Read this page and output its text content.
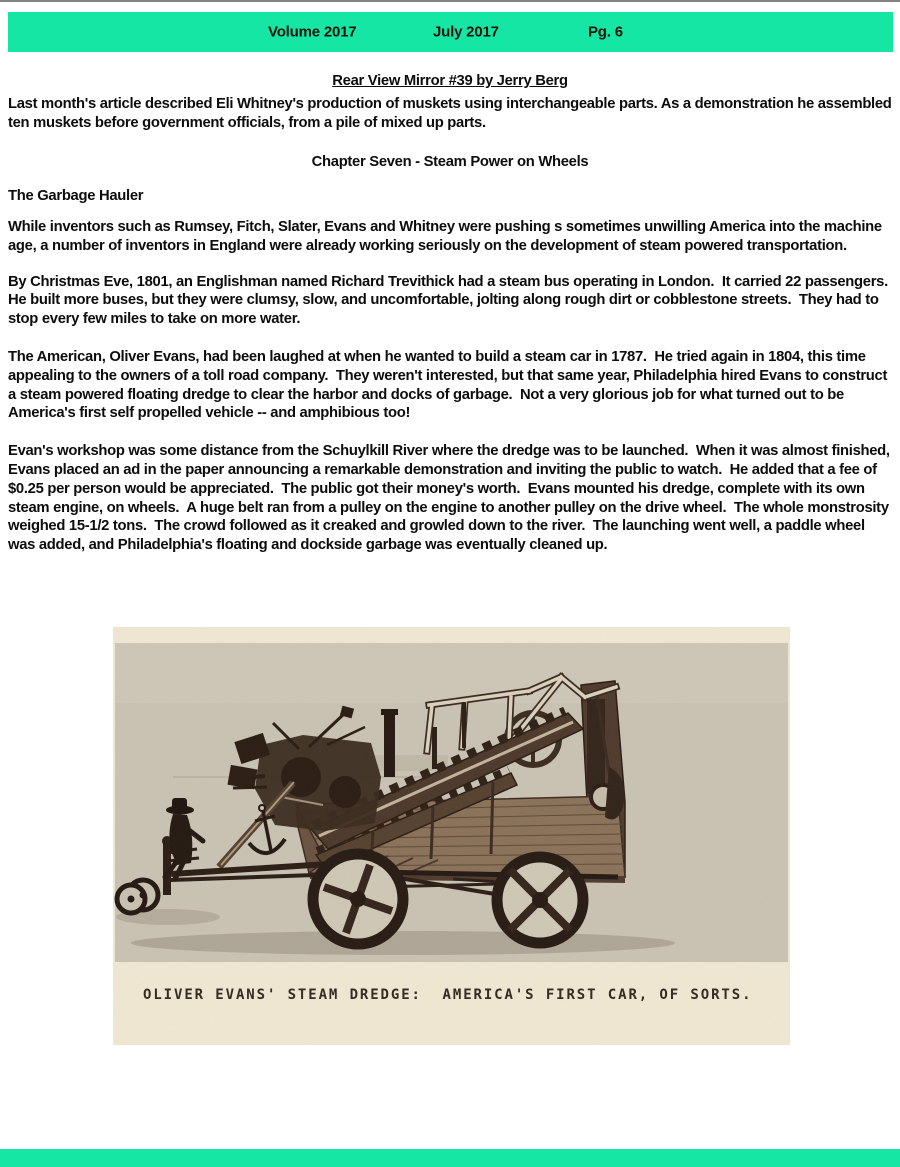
Volume 2017	July 2017	Pg. 6
Rear View Mirror #39 by Jerry Berg

Last month's article described Eli Whitney's production of muskets using interchangeable parts. As a demonstration he assembled ten muskets before government officials, from a pile of mixed up parts.

Chapter Seven - Steam Power on Wheels
The Garbage Hauler

While inventors such as Rumsey, Fitch, Slater, Evans and Whitney were pushing s sometimes unwilling America into the machine age, a number of inventors in England were already working seriously on the development of steam powered transportation.

By Christmas Eve, 1801, an Englishman named Richard Trevithick had a steam bus operating in London.  It carried 22 passengers.  He built more buses, but they were clumsy, slow, and uncomfortable, jolting along rough dirt or cobblestone streets.  They had to stop every few miles to take on more water.

The American, Oliver Evans, had been laughed at when he wanted to build a steam car in 1787.  He tried again in 1804, this time appealing to the owners of a toll road company.  They weren't interested, but that same year, Philadelphia hired Evans to construct a steam powered floating dredge to clear the harbor and docks of garbage.  Not a very glorious job for what turned out to be America's first self propelled vehicle -- and amphibious too!

Evan's workshop was some distance from the Schuylkill River where the dredge was to be launched.  When it was almost finished, Evans placed an ad in the paper announcing a remarkable demonstration and inviting the public to watch.  He added that a fee of $0.25 per person would be appreciated.  The public got their money's worth.  Evans mounted his dredge, complete with its own steam engine, on wheels.  A huge belt ran from a pulley on the engine to another pulley on the drive wheel.  The whole monstrosity weighed 15-1/2 tons.  The crowd followed as it creaked and growled down to the river.  The launching went well, a paddle wheel was added, and Philadelphia's floating and dockside garbage was eventually cleaned up.

OLIVER EVANS' STEAM DREDGE:  AMERICA'S FIRST CAR, OF SORTS.
